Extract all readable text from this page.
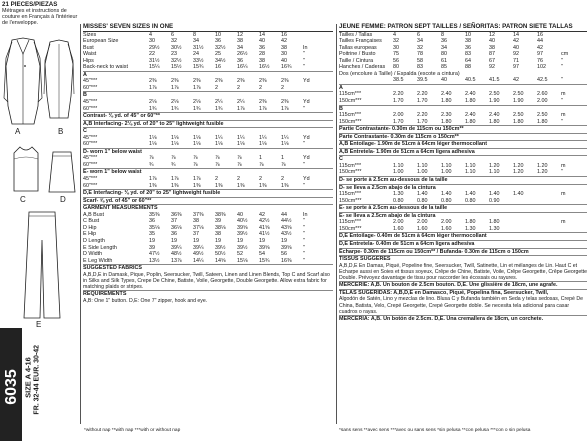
21 PIECES/PIEZAS
Métrages et instructions de couture en Français à l'intérieur de l'enveloppe.
A	B
C	D
E
6035 SIZE A 4-16 FR. 32-44 EUR. 30-42
MISSES' SEVEN SIZES IN ONE
Sizes	4	6	8	10	12	14	16
European Size	30	32	34	36	38	40	42
Bust	29½	30½	31½	32½	34	36	38	In
Waist	22	23	24	25	26½	28	30	"
Hips	31½	32½	33½	34½	36	38	40	"
Back-neck to waist	15¼	15½	15¾	16	16¼	16½	16¾	"
A
45"***	2⅜	2⅜	2⅜	2⅜	2⅜	2⅜	2⅜	Yd
60"***	1⅞	1⅞	1⅞	2	2	2	2
B
45"***	2⅛	2⅛	2⅛	2¼	2¼	2⅜	2⅜	Yd
60"***	1¾	1¾	1¾	1¾	1⅞	1⅞	1⅞	"
Contrast- ⅜ yd. of 45" or 60"**
A,B Interfacing- 2⅛ yd. of 20" to 25" lightweight fusible
C
45"***	1⅛	1⅛	1⅛	1¼	1¼	1¼	1¼	Yd
60"***	1⅛	1⅛	1⅛	1⅛	1⅛	1⅛	1⅛	"
D- worn 1" below waist
45"***	⅞	⅞	⅞	⅞	⅞	1	1	Yd
60"***	¾	¾	⅞	⅞	⅞	⅞	⅞	"
E- worn 1" below waist
45"***	1⅞	1⅞	1⅞	2	2	2	2	Yd
60"***	1⅜	1⅜	1⅜	1⅜	1⅜	1⅜	1⅜	"
D,E Interfacing- ⅜ yd. of 20" to 25" lightweight fusible
Scarf- ⅝ yd. of 45" or 60"**
GARMENT MEASUREMENTS
A,B Bust	35⅜	36⅜	37⅜	38⅜	40	42	44	In
C Bust	36	37	38	39	40½	42½	44½	"
D Hip	35⅛	36⅛	37⅛	38⅛	39⅝	41⅝	43⅝	"
E Hip	35	36	37	38	39½	41½	43½	"
D Length	19	19	19	19	19	19	19	"
E Side Length	39	39¼	39¼	39½	39½	39⅝	39⅝	"
D Width	47½	48½	49½	50½	52	54	56	"
E Leg Width	13½	13⅞	14¼	14⅝	15⅛	15¾	16⅜	"
SUGGESTED FABRICS
A,B,D,E in Damask, Pique, Poplin, Seersucker, Twill, Sateen, Linen and Linen Blends, Top C and Scarf also in Silks and Silk Types, Crepe De Chine, Batiste, Voile, Georgette, Double Georgette. Allow extra fabric for matching plaids or stripes.
REQUIREMENTS
A,B: One 1" button. D,E: One 7" zipper, hook and eye.
JEUNE FEMME: PATRON SEPT TAILLES / SEÑORITAS: PATRON SIETE TALLAS
Tailles / Tallas	4	6	8	10	12	14	16
Tailles Françaises	32	34	36	38	40	42	44
Tallas europeas	30	32	34	36	38	40	42
Poitrine / Busto	75	78	80	83	87	92	97	cm
Taille / Cintura	56	58	61	64	67	71	76	"
Hanches / Caderas	80	83	85	88	92	97	102	"
Dos (encolure à Taille) / Espalda (escote a cintura)
38.5	39.5	40	40.5	41.5	42	42.5	"
A
115cm***	2.20	2.20	2.40	2.40	2.50	2.50	2.60	m
150cm***	1.70	1.70	1.80	1.80	1.90	1.90	2.00	"
B
115cm***	2.00	2.20	2.30	2.40	2.40	2.50	2.50	m
150cm***	1.70	1.70	1.80	1.80	1.80	1.80	1.80	"
Partie Contrastante- 0.30m de 115cm ou 150cm**
Parte Contrastante- 0.30m de 115cm o 150cm**
A,B Entoilage- 1.90m de 51cm à 64cm léger thermocollant
A,B Entretela- 1.90m de 51cm a 64cm ligera adhesiva
C
115cm***	1.10	1.10	1.10	1.10	1.20	1.20	1.20	m
150cm***	1.00	1.00	1.00	1.10	1.10	1.20	1.20	"
D- se porte à 2.5cm au-dessous de la taille
D- se lleva a 2.5cm abajo de la cintura
115cm***	1.30	1.40	1.40	1.40	1.40	1.40	m
150cm***	0.80	0.80	0.80	0.80	0.90
E- se porte à 2.5cm au-dessous de la taille
E- se lleva a 2.5cm abajo de la cintura
115cm***	2.00	2.00	2.00	1.80	1.80	m
150cm***	1.60	1.60	1.60	1.30	1.30
D,E Entoilage- 0.40m de 51cm à 64cm léger thermocollant
D,E Entretela- 0.40m de 51cm a 64cm ligera adhesiva
Écharpe- 0.30m de 115cm ou 150cm** / Bufanda- 0.30m de 115cm o 150cm
TISSUS SUGGERES
A,B,D,E En Damas, Piqué, Popeline fine, Seersucker, Twill, Satinette, Lin et mélanges de Lin. Haut C et Echarpe aussi en Soies et tissus soyeux, Crêpe de Chine, Batiste, Voile, Crêpe Georgette, Crêpe Georgette Double. Prévoyez davantage de tissu pour raccorder les écossais ou rayures.
MERCERIE: A,B. Un bouton de 2.5cm bouton. D,E. Une glissière de 18cm, une agrafe.
TELAS SUGERIDAS: A,B,D,E en Damasco, Piqué, Popelina fina, Seersucker, Twill,
Algodón de Satén, Lino y mezclas de lino. Blusa C y Bufanda también en Seda y telas sedosas, Crepé De China, Batista, Velo, Crepé Georgette, Crepé Georgette doble. Se necesita tela adicional para casar cuadros o rayas.
MERCERIA: A,B. Un botón de 2.5cm. D,E. Una cremallera de 18cm, un corchete.
*without nap **with nap ***with or without nap	*sans sens **avec sens ***avec ou sans sens *sin pelusa **con pelusa ***con o sin pelusa
